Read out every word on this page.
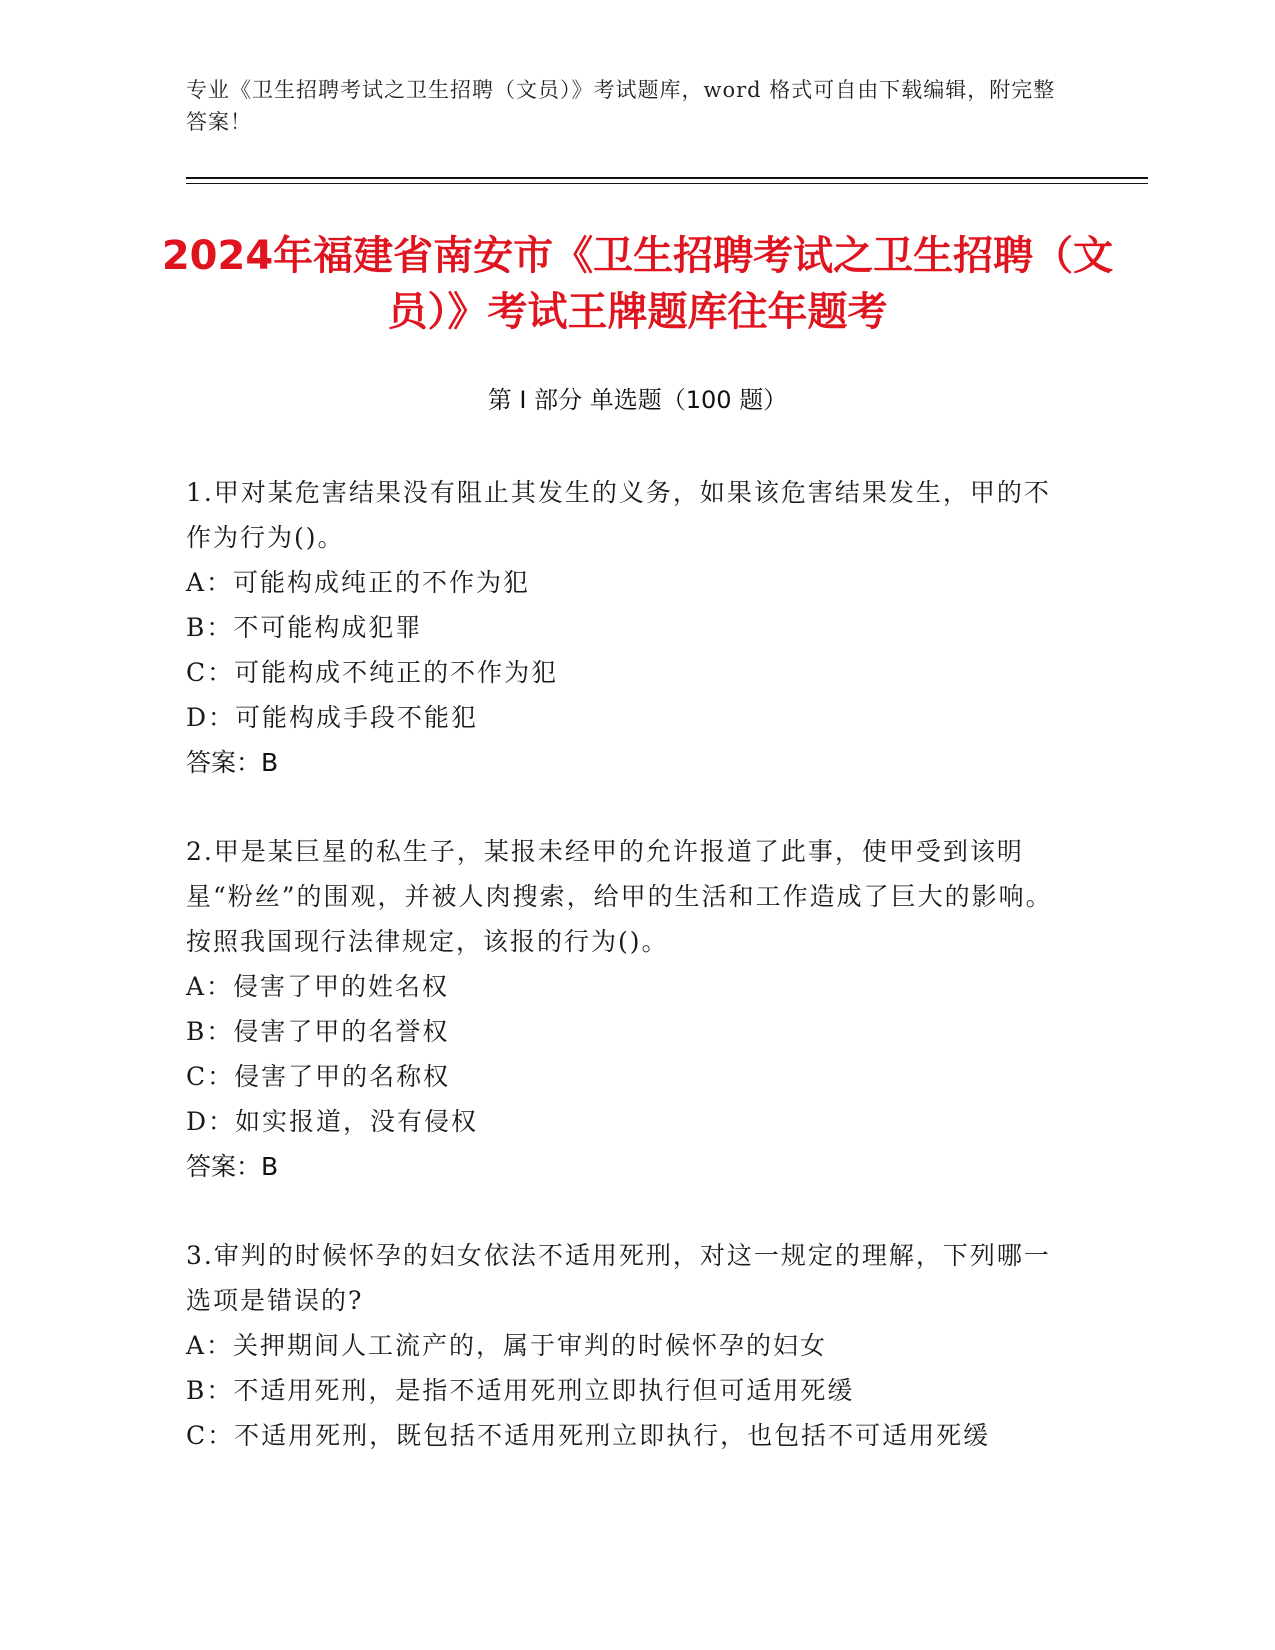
专业《卫生招聘考试之卫生招聘（文员）》考试题库，word 格式可自由下载编辑，附完整答案！
2024年福建省南安市《卫生招聘考试之卫生招聘（文员）》考试王牌题库往年题考
第 I 部分 单选题（100 题）

1.甲对某危害结果没有阻止其发生的义务，如果该危害结果发生，甲的不作为行为()。

A：可能构成纯正的不作为犯

B：不可能构成犯罪

C：可能构成不纯正的不作为犯

D：可能构成手段不能犯

答案：B

2.甲是某巨星的私生子，某报未经甲的允许报道了此事，使甲受到该明星“粉丝”的围观，并被人肉搜索，给甲的生活和工作造成了巨大的影响。按照我国现行法律规定，该报的行为()。

A：侵害了甲的姓名权

B：侵害了甲的名誉权

C：侵害了甲的名称权

D：如实报道，没有侵权

答案：B

3.审判的时候怀孕的妇女依法不适用死刑，对这一规定的理解，下列哪一选项是错误的?

A：关押期间人工流产的，属于审判的时候怀孕的妇女

B：不适用死刑，是指不适用死刑立即执行但可适用死缓

C：不适用死刑，既包括不适用死刑立即执行，也包括不可适用死缓
